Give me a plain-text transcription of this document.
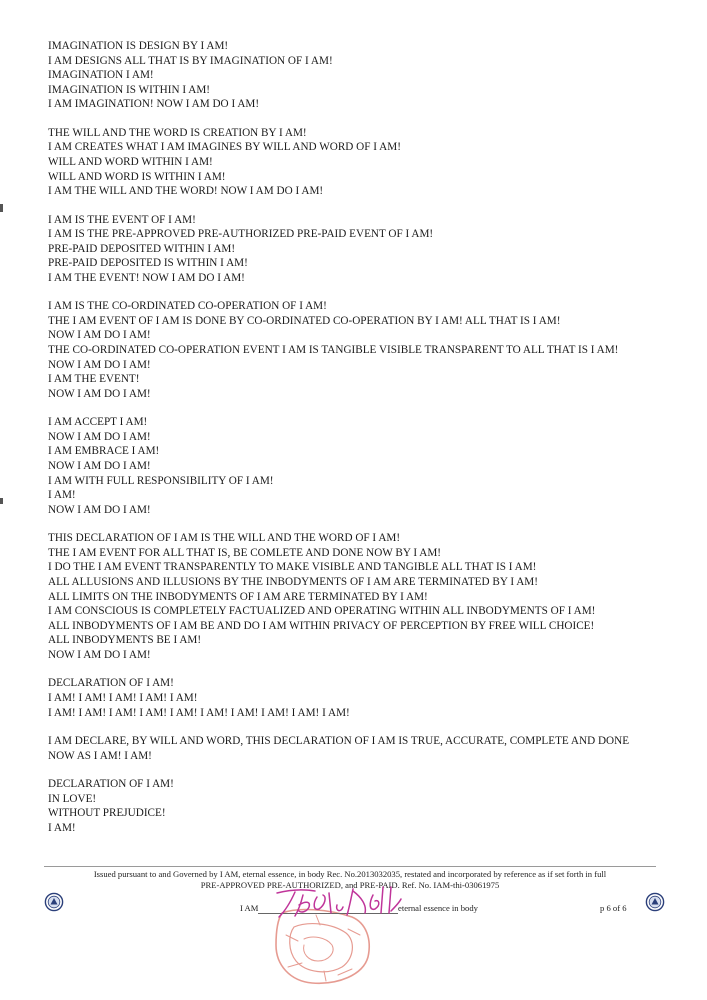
IMAGINATION IS DESIGN BY I AM!
I AM DESIGNS ALL THAT IS BY IMAGINATION OF I AM!
IMAGINATION I AM!
IMAGINATION IS WITHIN I AM!
I AM IMAGINATION! NOW I AM DO I AM!
THE WILL AND THE WORD IS CREATION BY I AM!
I AM CREATES WHAT I AM IMAGINES BY WILL AND WORD OF I AM!
WILL AND WORD WITHIN I AM!
WILL AND WORD IS WITHIN I AM!
I AM THE WILL AND THE WORD! NOW I AM DO I AM!
I AM IS THE EVENT OF I AM!
I AM IS THE PRE-APPROVED PRE-AUTHORIZED PRE-PAID EVENT OF I AM!
PRE-PAID DEPOSITED WITHIN I AM!
PRE-PAID DEPOSITED IS WITHIN I AM!
I AM THE EVENT! NOW I AM DO I AM!
I AM IS THE CO-ORDINATED CO-OPERATION OF I AM!
THE I AM EVENT OF I AM IS DONE BY CO-ORDINATED CO-OPERATION BY I AM! ALL THAT IS I AM!
NOW I AM DO I AM!
THE CO-ORDINATED CO-OPERATION EVENT I AM IS TANGIBLE VISIBLE TRANSPARENT TO ALL THAT IS I AM!
NOW I AM DO I AM!
I AM THE EVENT!
NOW I AM DO I AM!
I AM ACCEPT I AM!
NOW I AM DO I AM!
I AM EMBRACE I AM!
NOW I AM DO I AM!
I AM WITH FULL RESPONSIBILITY OF I AM!
I AM!
NOW I AM DO I AM!
THIS DECLARATION OF I AM IS THE WILL AND THE WORD OF I AM!
THE I AM EVENT FOR ALL THAT IS, BE COMLETE AND DONE NOW BY I AM!
I DO THE I AM EVENT TRANSPARENTLY TO MAKE VISIBLE AND TANGIBLE ALL THAT IS I AM!
ALL ALLUSIONS AND ILLUSIONS BY THE INBODYMENTS OF I AM ARE TERMINATED BY I AM!
ALL LIMITS ON THE INBODYMENTS OF I AM ARE TERMINATED BY I AM!
I AM CONSCIOUS IS COMPLETELY FACTUALIZED AND OPERATING WITHIN ALL INBODYMENTS OF I AM!
ALL INBODYMENTS OF I AM BE AND DO I AM WITHIN PRIVACY OF PERCEPTION BY FREE WILL CHOICE!
ALL INBODYMENTS BE I AM!
NOW I AM DO I AM!
DECLARATION OF I AM!
I AM! I AM! I AM! I AM! I AM!
I AM! I AM! I AM! I AM! I AM! I AM! I AM! I AM! I AM! I AM!
I AM DECLARE, BY WILL AND WORD, THIS DECLARATION OF I AM IS TRUE, ACCURATE, COMPLETE AND DONE
NOW AS I AM! I AM!
DECLARATION OF I AM!
IN LOVE!
WITHOUT PREJUDICE!
I AM!
Issued pursuant to and Governed by I AM, eternal essence, in body Rec. No.2013032035, restated and incorporated by reference as if set forth in full
PRE-APPROVED PRE-AUTHORIZED, and PRE-PAID. Ref. No. IAM-thi-03061975
I AM	eternal essence in body	p 6 of 6
